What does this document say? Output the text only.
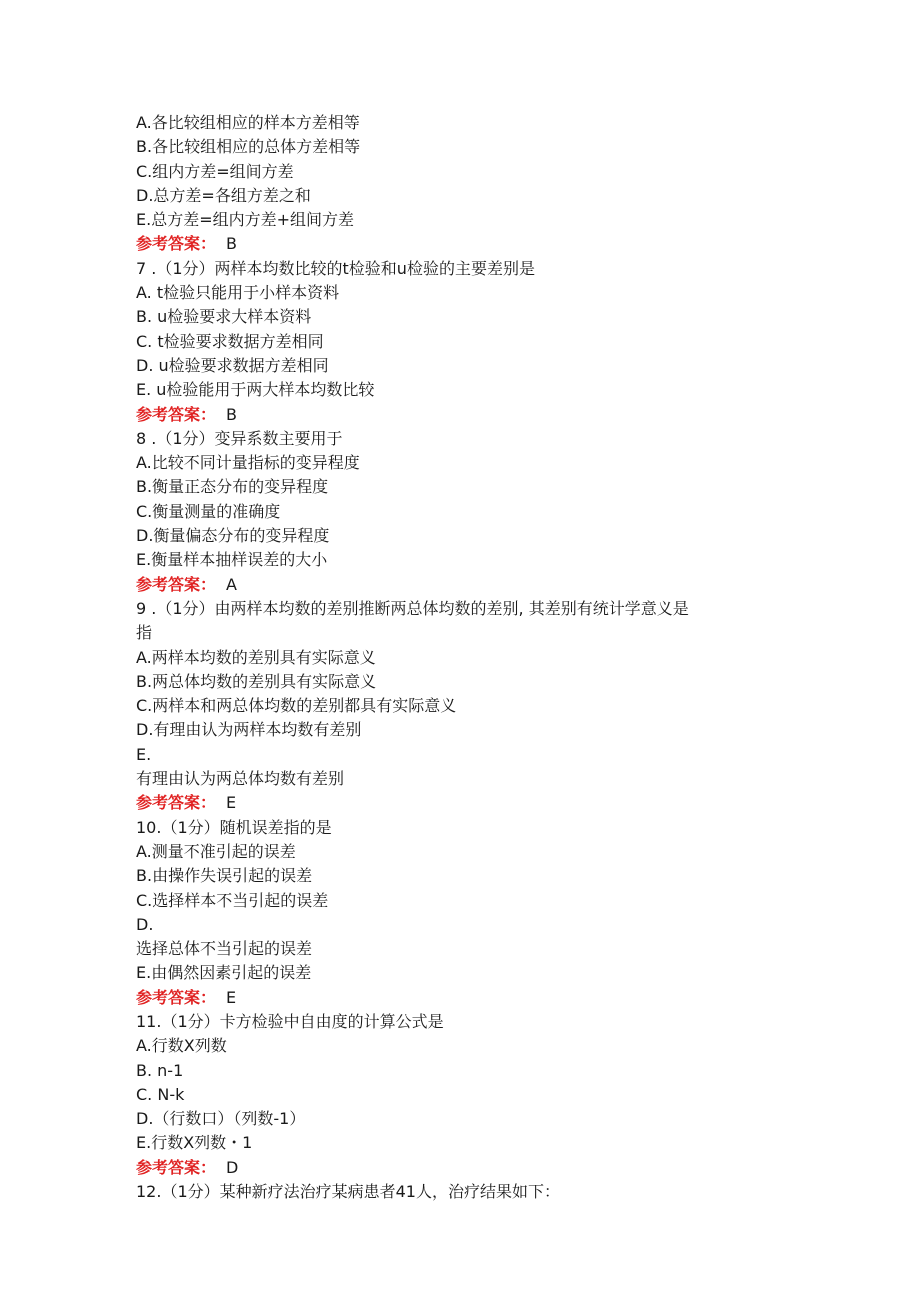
A.各比较组相应的样本方差相等
B.各比较组相应的总体方差相等
C.组内方差=组间方差
D.总方差=各组方差之和
E.总方差=组内方差+组间方差
参考答案： B
7 .（1分）两样本均数比较的t检验和u检验的主要差别是
A. t检验只能用于小样本资料
B. u检验要求大样本资料
C. t检验要求数据方差相同
D. u检验要求数据方差相同
E. u检验能用于两大样本均数比较
参考答案： B
8 .（1分）变异系数主要用于
A.比较不同计量指标的变异程度
B.衡量正态分布的变异程度
C.衡量测量的准确度
D.衡量偏态分布的变异程度
E.衡量样本抽样误差的大小
参考答案： A
9 .（1分）由两样本均数的差别推断两总体均数的差别, 其差别有统计学意义是
指
A.两样本均数的差别具有实际意义
B.两总体均数的差别具有实际意义
C.两样本和两总体均数的差别都具有实际意义
D.有理由认为两样本均数有差别
E.
有理由认为两总体均数有差别
参考答案： E
10.（1分）随机误差指的是
A.测量不准引起的误差
B.由操作失误引起的误差
C.选择样本不当引起的误差
D.
选择总体不当引起的误差
E.由偶然因素引起的误差
参考答案： E
11.（1分）卡方检验中自由度的计算公式是
A.行数X列数
B. n-1
C. N-k
D.（行数口）（列数-1）
E.行数X列数・1
参考答案： D
12.（1分）某种新疗法治疗某病患者41人，治疗结果如下：
